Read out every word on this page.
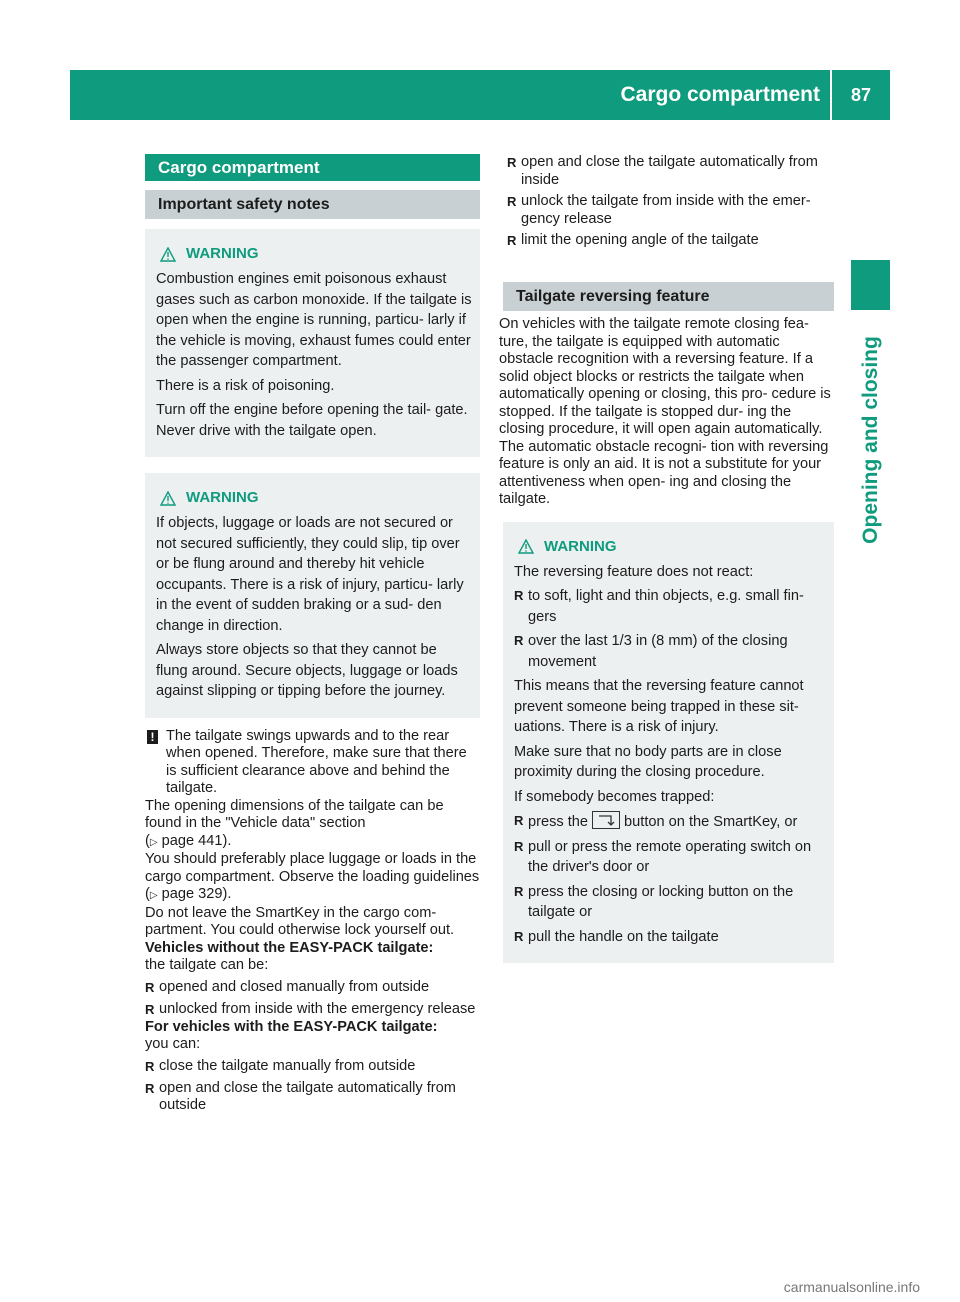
Cargo compartment	87
Opening and closing
Cargo compartment
Important safety notes
WARNING

Combustion engines emit poisonous exhaust gases such as carbon monoxide. If the tailgate is open when the engine is running, particu- larly if the vehicle is moving, exhaust fumes could enter the passenger compartment.

There is a risk of poisoning.

Turn off the engine before opening the tail- gate. Never drive with the tailgate open.

WARNING

If objects, luggage or loads are not secured or not secured sufficiently, they could slip, tip over or be flung around and thereby hit vehicle occupants. There is a risk of injury, particu- larly in the event of sudden braking or a sud- den change in direction.

Always store objects so that they cannot be flung around. Secure objects, luggage or loads against slipping or tipping before the journey.

! The tailgate swings upwards and to the rear when opened. Therefore, make sure that there is sufficient clearance above and behind the tailgate.

The opening dimensions of the tailgate can be found in the "Vehicle data" section
(▷ page 441).

You should preferably place luggage or loads in the cargo compartment. Observe the loading guidelines (▷ page 329).

Do not leave the SmartKey in the cargo com- partment. You could otherwise lock yourself out.

Vehicles without the EASY-PACK tailgate:

the tailgate can be:

R opened and closed manually from outside
R unlocked from inside with the emergency release

For vehicles with the EASY-PACK tailgate:

you can:

R close the tailgate manually from outside
R open and close the tailgate automatically from outside
R open and close the tailgate automatically from inside
R unlock the tailgate from inside with the emer- gency release
R limit the opening angle of the tailgate
Tailgate reversing feature

On vehicles with the tailgate remote closing fea- ture, the tailgate is equipped with automatic obstacle recognition with a reversing feature. If a solid object blocks or restricts the tailgate when automatically opening or closing, this pro- cedure is stopped. If the tailgate is stopped dur- ing the closing procedure, it will open again automatically. The automatic obstacle recogni- tion with reversing feature is only an aid. It is not a substitute for your attentiveness when open- ing and closing the tailgate.

WARNING

The reversing feature does not react:

R to soft, light and thin objects, e.g. small fin- gers
R over the last 1/3 in (8 mm) of the closing movement

This means that the reversing feature cannot prevent someone being trapped in these sit- uations. There is a risk of injury.

Make sure that no body parts are in close proximity during the closing procedure.

If somebody becomes trapped:

R press the button on the SmartKey, or
R pull or press the remote operating switch on the driver's door or
R press the closing or locking button on the tailgate or
R pull the handle on the tailgate
carmanualsonline.info
